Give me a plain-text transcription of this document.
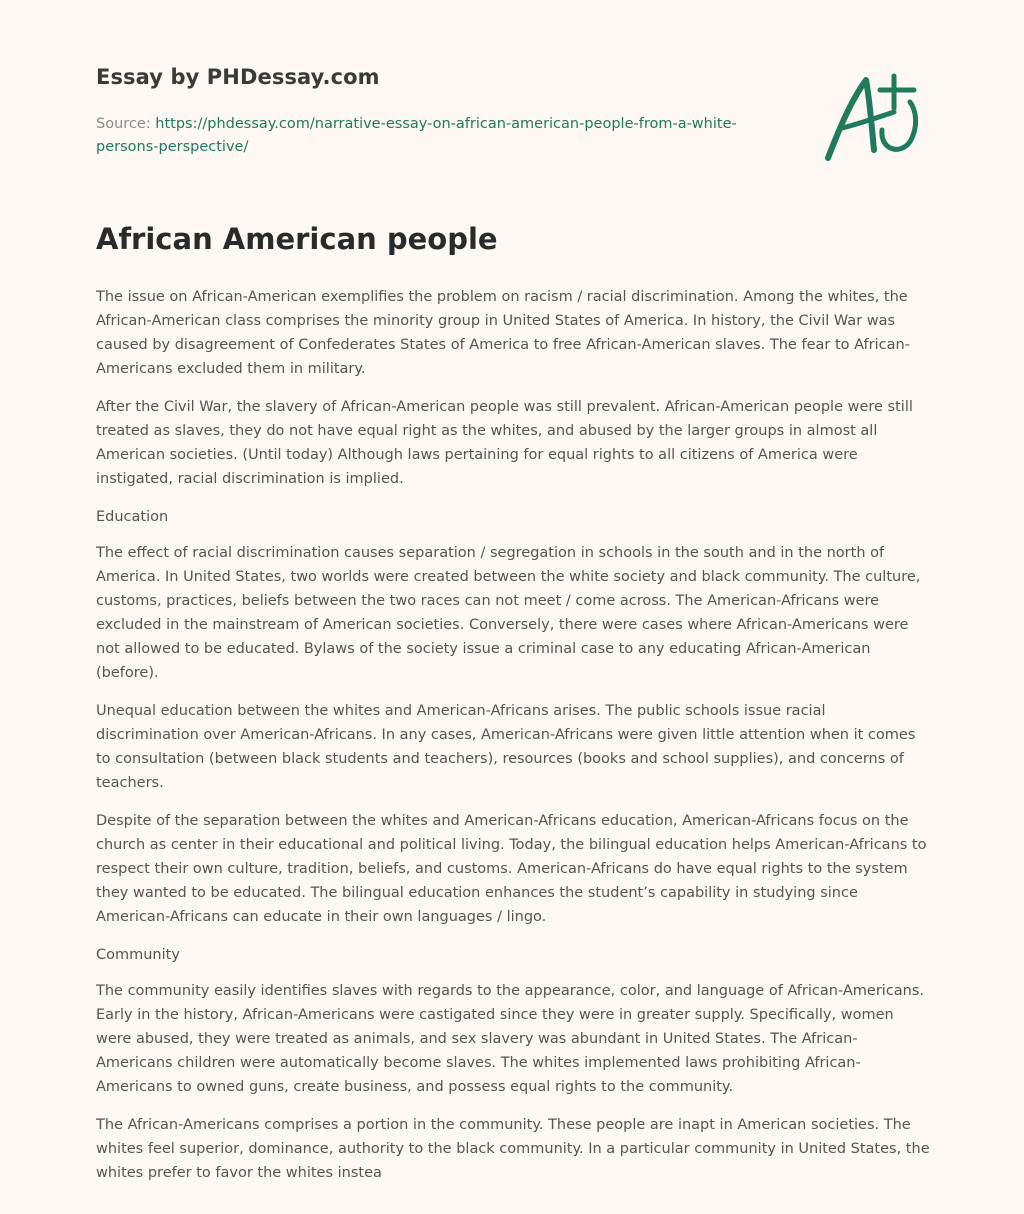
Essay by PHDessay.com
Source: https://phdessay.com/narrative-essay-on-african-american-people-from-a-white-persons-perspective/
African American people

The issue on African-American exemplifies the problem on racism / racial discrimination. Among the whites, the African-American class comprises the minority group in United States of America. In history, the Civil War was caused by disagreement of Confederates States of America to free African-American slaves. The fear to African-Americans excluded them in military.

After the Civil War, the slavery of African-American people was still prevalent. African-American people were still treated as slaves, they do not have equal right as the whites, and abused by the larger groups in almost all American societies. (Until today) Although laws pertaining for equal rights to all citizens of America were instigated, racial discrimination is implied.

Education

The effect of racial discrimination causes separation / segregation in schools in the south and in the north of America. In United States, two worlds were created between the white society and black community. The culture, customs, practices, beliefs between the two races can not meet / come across. The American-Africans were excluded in the mainstream of American societies. Conversely, there were cases where African-Americans were not allowed to be educated. Bylaws of the society issue a criminal case to any educating African-American (before).

Unequal education between the whites and American-Africans arises. The public schools issue racial discrimination over American-Africans. In any cases, American-Africans were given little attention when it comes to consultation (between black students and teachers), resources (books and school supplies), and concerns of teachers.

Despite of the separation between the whites and American-Africans education, American-Africans focus on the church as center in their educational and political living. Today, the bilingual education helps American-Africans to respect their own culture, tradition, beliefs, and customs. American-Africans do have equal rights to the system they wanted to be educated. The bilingual education enhances the student’s capability in studying since American-Africans can educate in their own languages / lingo.

Community

The community easily identifies slaves with regards to the appearance, color, and language of African-Americans. Early in the history, African-Americans were castigated since they were in greater supply. Specifically, women were abused, they were treated as animals, and sex slavery was abundant in United States. The African-Americans children were automatically become slaves. The whites implemented laws prohibiting African-Americans to owned guns, create business, and possess equal rights to the community.

The African-Americans comprises a portion in the community. These people are inapt in American societies. The whites feel superior, dominance, authority to the black community. In a particular community in United States, the whites prefer to favor the whites instea
